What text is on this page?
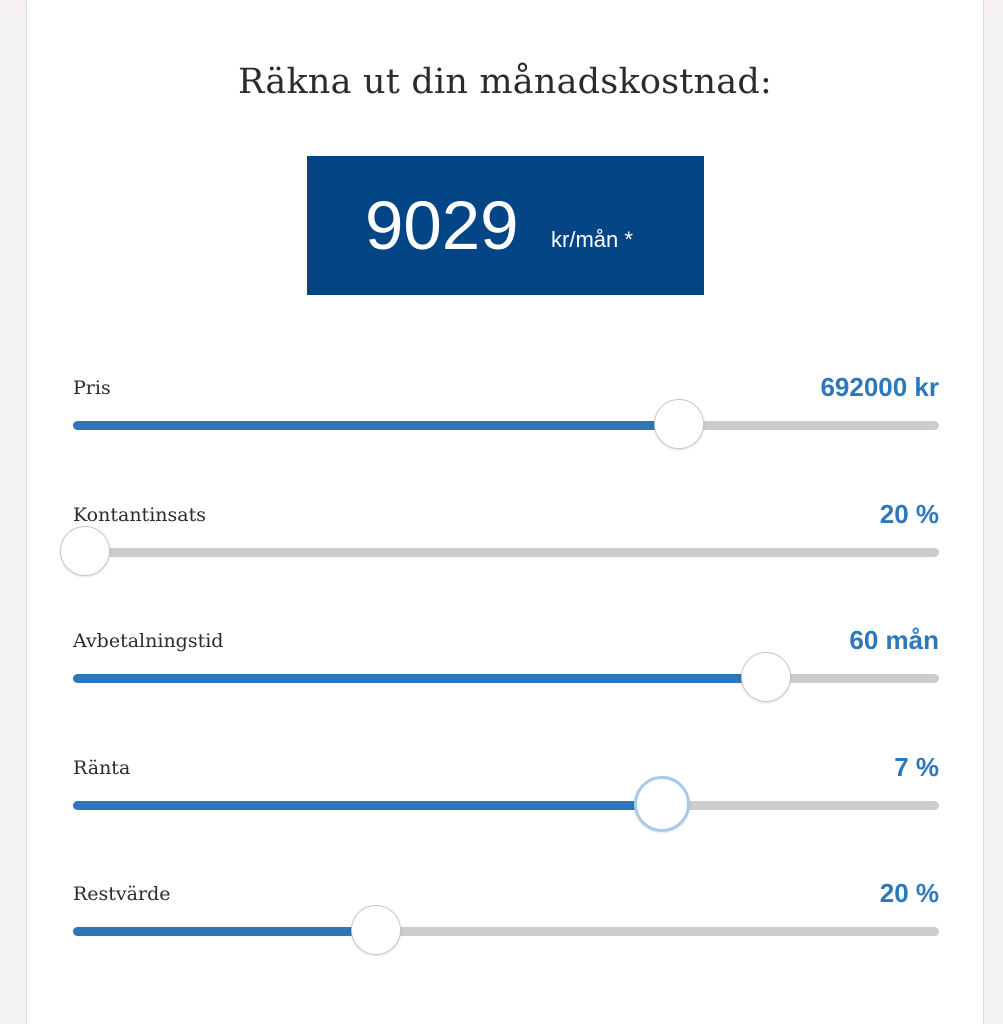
Räkna ut din månadskostnad:
9029 kr/mån *
Pris	692000 kr
Kontantinsats	20 %
Avbetalningstid	60 mån
Ränta	7 %
Restvärde	20 %
